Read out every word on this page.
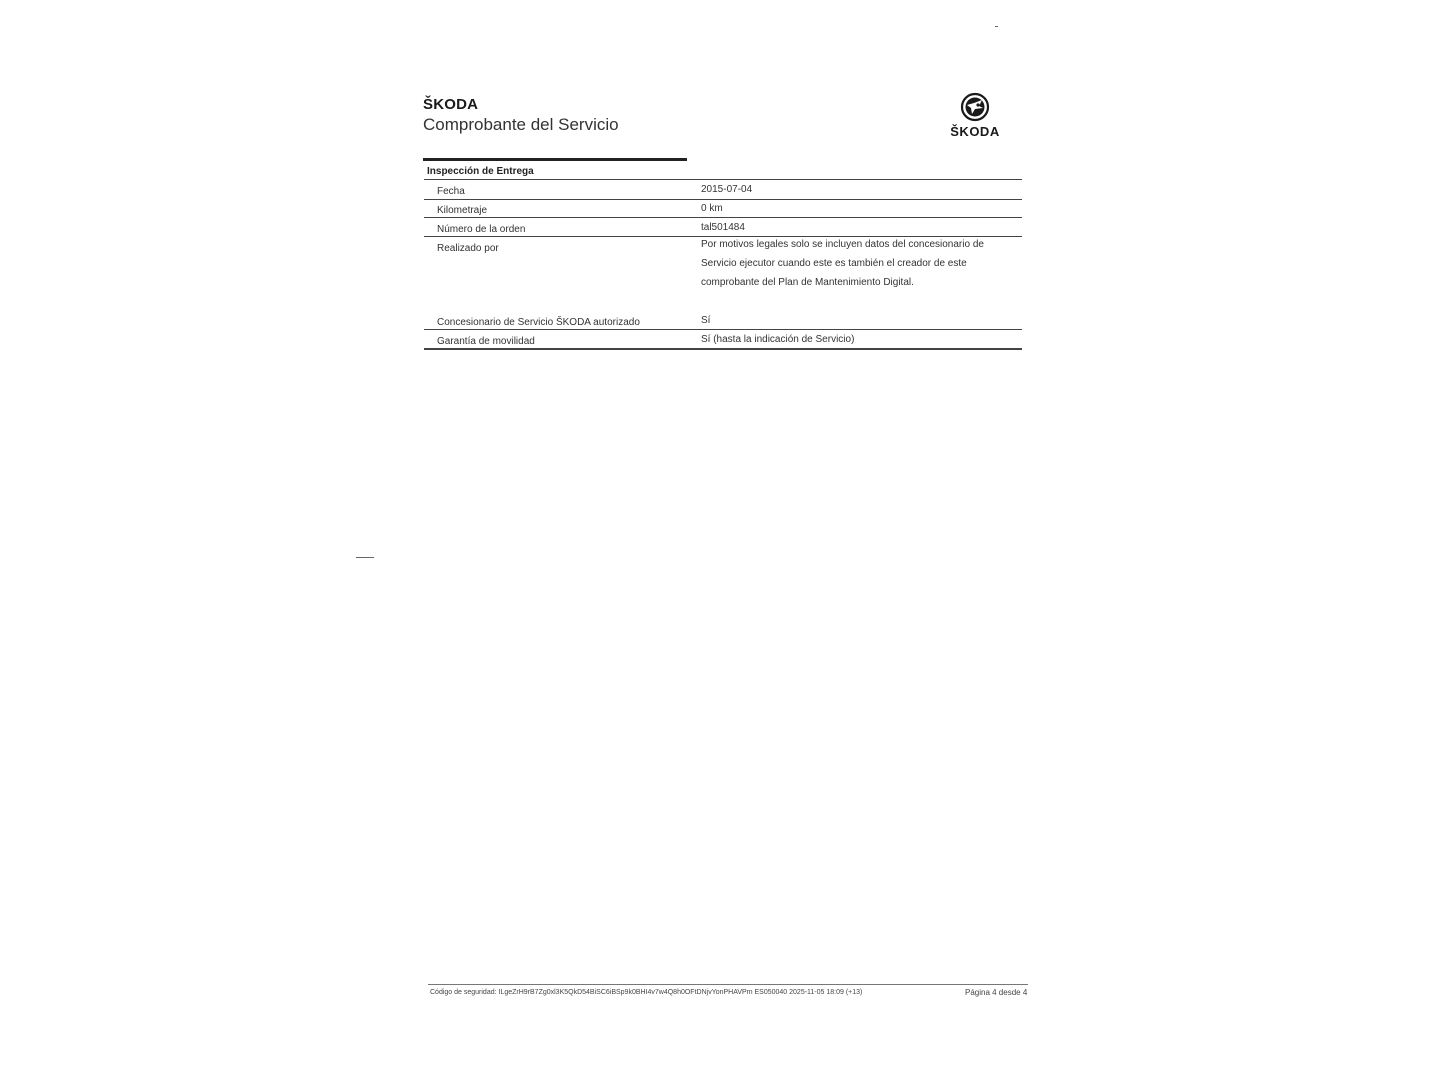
ŠKODA
Comprobante del Servicio	ŠKODA
Inspección de Entrega
Fecha	2015-07-04
Kilometraje	0 km
Número de la orden	tal501484
Realizado por	Por motivos legales solo se incluyen datos del concesionario de Servicio ejecutor cuando este es también el creador de este comprobante del Plan de Mantenimiento Digital.
Concesionario de Servicio ŠKODA autorizado	Sí
Garantía de movilidad	Sí (hasta la indicación de Servicio)
Código de seguridad: ILgeZrH9rB7Zg0xl3K5QkD54BiSC6iBSp9k0BHI4v7w4Q8h0OFtDNjvYonPHAVPm ES050040 2025-11-05 18:09 (+13)	Página 4 desde 4
